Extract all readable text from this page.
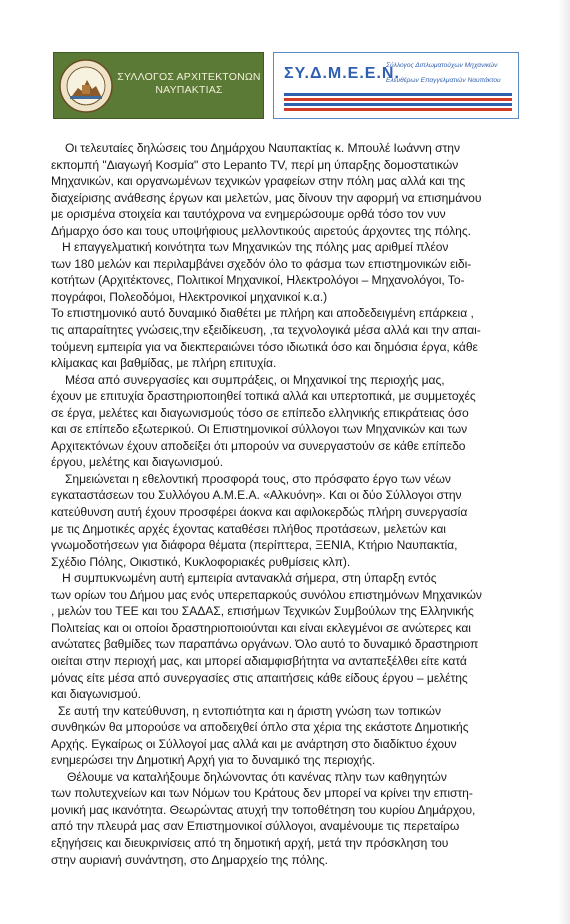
ΣΥΛΛΟΓΟΣ ΑΡΧΙΤΕΚΤΟΝΩΝ
ΝΑΥΠΑΚΤΙΑΣ
ΣΥ.Δ.Μ.Ε.Ε.Ν.
Σύλλογος Διπλωματούχων Μηχανικών
Ελευθέρων Επαγγελματιών Ναυπάκτου
Οι τελευταίες δηλώσεις του Δημάρχου Ναυπακτίας κ. Μπουλέ Ιωάννη στην
εκπομπή "Διαγωγή Κοσμία" στο Lepanto TV, περί μη ύπαρξης δομοστατικών
Μηχανικών, και οργανωμένων τεχνικών γραφείων στην πόλη μας αλλά και της
διαχείρισης ανάθεσης έργων και μελετών, μας δίνουν την αφορμή να επισημάνου
με ορισμένα στοιχεία και ταυτόχρονα να ενημερώσουμε ορθά τόσο τον νυν
Δήμαρχο όσο και τους υποψήφιους μελλοντικούς αιρετούς άρχοντες της πόλης.
Η επαγγελματική κοινότητα των Μηχανικών της πόλης μας αριθμεί πλέον
των 180 μελών και περιλαμβάνει σχεδόν όλο το φάσμα των επιστημονικών ειδι-
κοτήτων (Αρχιτέκτονες, Πολιτικοί Μηχανικοί, Ηλεκτρολόγοι – Μηχανολόγοι, Το-
πογράφοι, Πολεοδόμοι, Ηλεκτρονικοί μηχανικοί κ.α.)
Το επιστημονικό αυτό δυναμικό διαθέτει με πλήρη και αποδεδειγμένη επάρκεια ,
τις απαραίτητες γνώσεις,την εξειδίκευση, ,τα τεχνολογικά μέσα αλλά και την απαι-
τούμενη εμπειρία για να διεκπεραιώνει τόσο ιδιωτικά όσο και δημόσια έργα, κάθε
κλίμακας και βαθμίδας, με πλήρη επιτυχία.
Μέσα από συνεργασίες και συμπράξεις, οι Μηχανικοί της περιοχής μας,
έχουν με επιτυχία δραστηριοποιηθεί τοπικά αλλά και υπερτοπικά, με συμμετοχές
σε έργα, μελέτες και διαγωνισμούς τόσο σε επίπεδο ελληνικής επικράτειας όσο
και σε επίπεδο εξωτερικού. Οι Επιστημονικοί σύλλογοι των Μηχανικών και των
Αρχιτεκτόνων έχουν αποδείξει ότι μπορούν να συνεργαστούν σε κάθε επίπεδο
έργου, μελέτης και διαγωνισμού.
Σημειώνεται η εθελοντική προσφορά τους, στο πρόσφατο έργο των νέων
εγκαταστάσεων του Συλλόγου Α.Μ.Ε.Α. «Αλκυόνη». Και οι δύο Σύλλογοι στην
κατεύθυνση αυτή έχουν προσφέρει άοκνα και αφιλοκερδώς πλήρη συνεργασία
με τις Δημοτικές αρχές έχοντας καταθέσει πλήθος προτάσεων, μελετών και
γνωμοδοτήσεων για διάφορα θέματα (περίπτερα, ΞΕΝΙΑ, Κτήριο Ναυπακτία,
Σχέδιο Πόλης, Οικιστικό, Κυκλοφοριακές ρυθμίσεις κλπ).
Η συμπυκνωμένη αυτή εμπειρία αντανακλά σήμερα, στη ύπαρξη εντός
των ορίων του Δήμου μας ενός υπερεπαρκούς συνόλου επιστημόνων Μηχανικών
, μελών του ΤΕΕ και του ΣΑΔΑΣ, επισήμων Τεχνικών Συμβούλων της Ελληνικής
Πολιτείας και οι οποίοι δραστηριοποιούνται και είναι εκλεγμένοι σε ανώτερες και
ανώτατες βαθμίδες των παραπάνω οργάνων. Όλο αυτό το δυναμικό δραστηριοπ
οιείται στην περιοχή μας, και μπορεί αδιαμφισβήτητα να ανταπεξέλθει είτε κατά
μόνας είτε μέσα από συνεργασίες στις απαιτήσεις κάθε είδους έργου – μελέτης
και διαγωνισμού.
Σε αυτή την κατεύθυνση, η εντοπιότητα και η άριστη γνώση των τοπικών
συνθηκών θα μπορούσε να αποδειχθεί όπλο στα χέρια της εκάστοτε Δημοτικής
Αρχής. Εγκαίρως οι Σύλλογοί μας αλλά και με ανάρτηση στο διαδίκτυο έχουν
ενημερώσει την Δημοτική Αρχή για το δυναμικό της περιοχής.
Θέλουμε να καταλήξουμε δηλώνοντας ότι κανένας πλην των καθηγητών
των πολυτεχνείων και των Νόμων του Κράτους δεν μπορεί να κρίνει την επιστη-
μονική μας ικανότητα. Θεωρώντας ατυχή την τοποθέτηση του κυρίου Δημάρχου,
από την πλευρά μας σαν Επιστημονικοί σύλλογοι, αναμένουμε τις περεταίρω
εξηγήσεις και διευκρινίσεις από τη δημοτική αρχή, μετά την πρόσκληση του
στην αυριανή συνάντηση, στο Δημαρχείο της πόλης.
